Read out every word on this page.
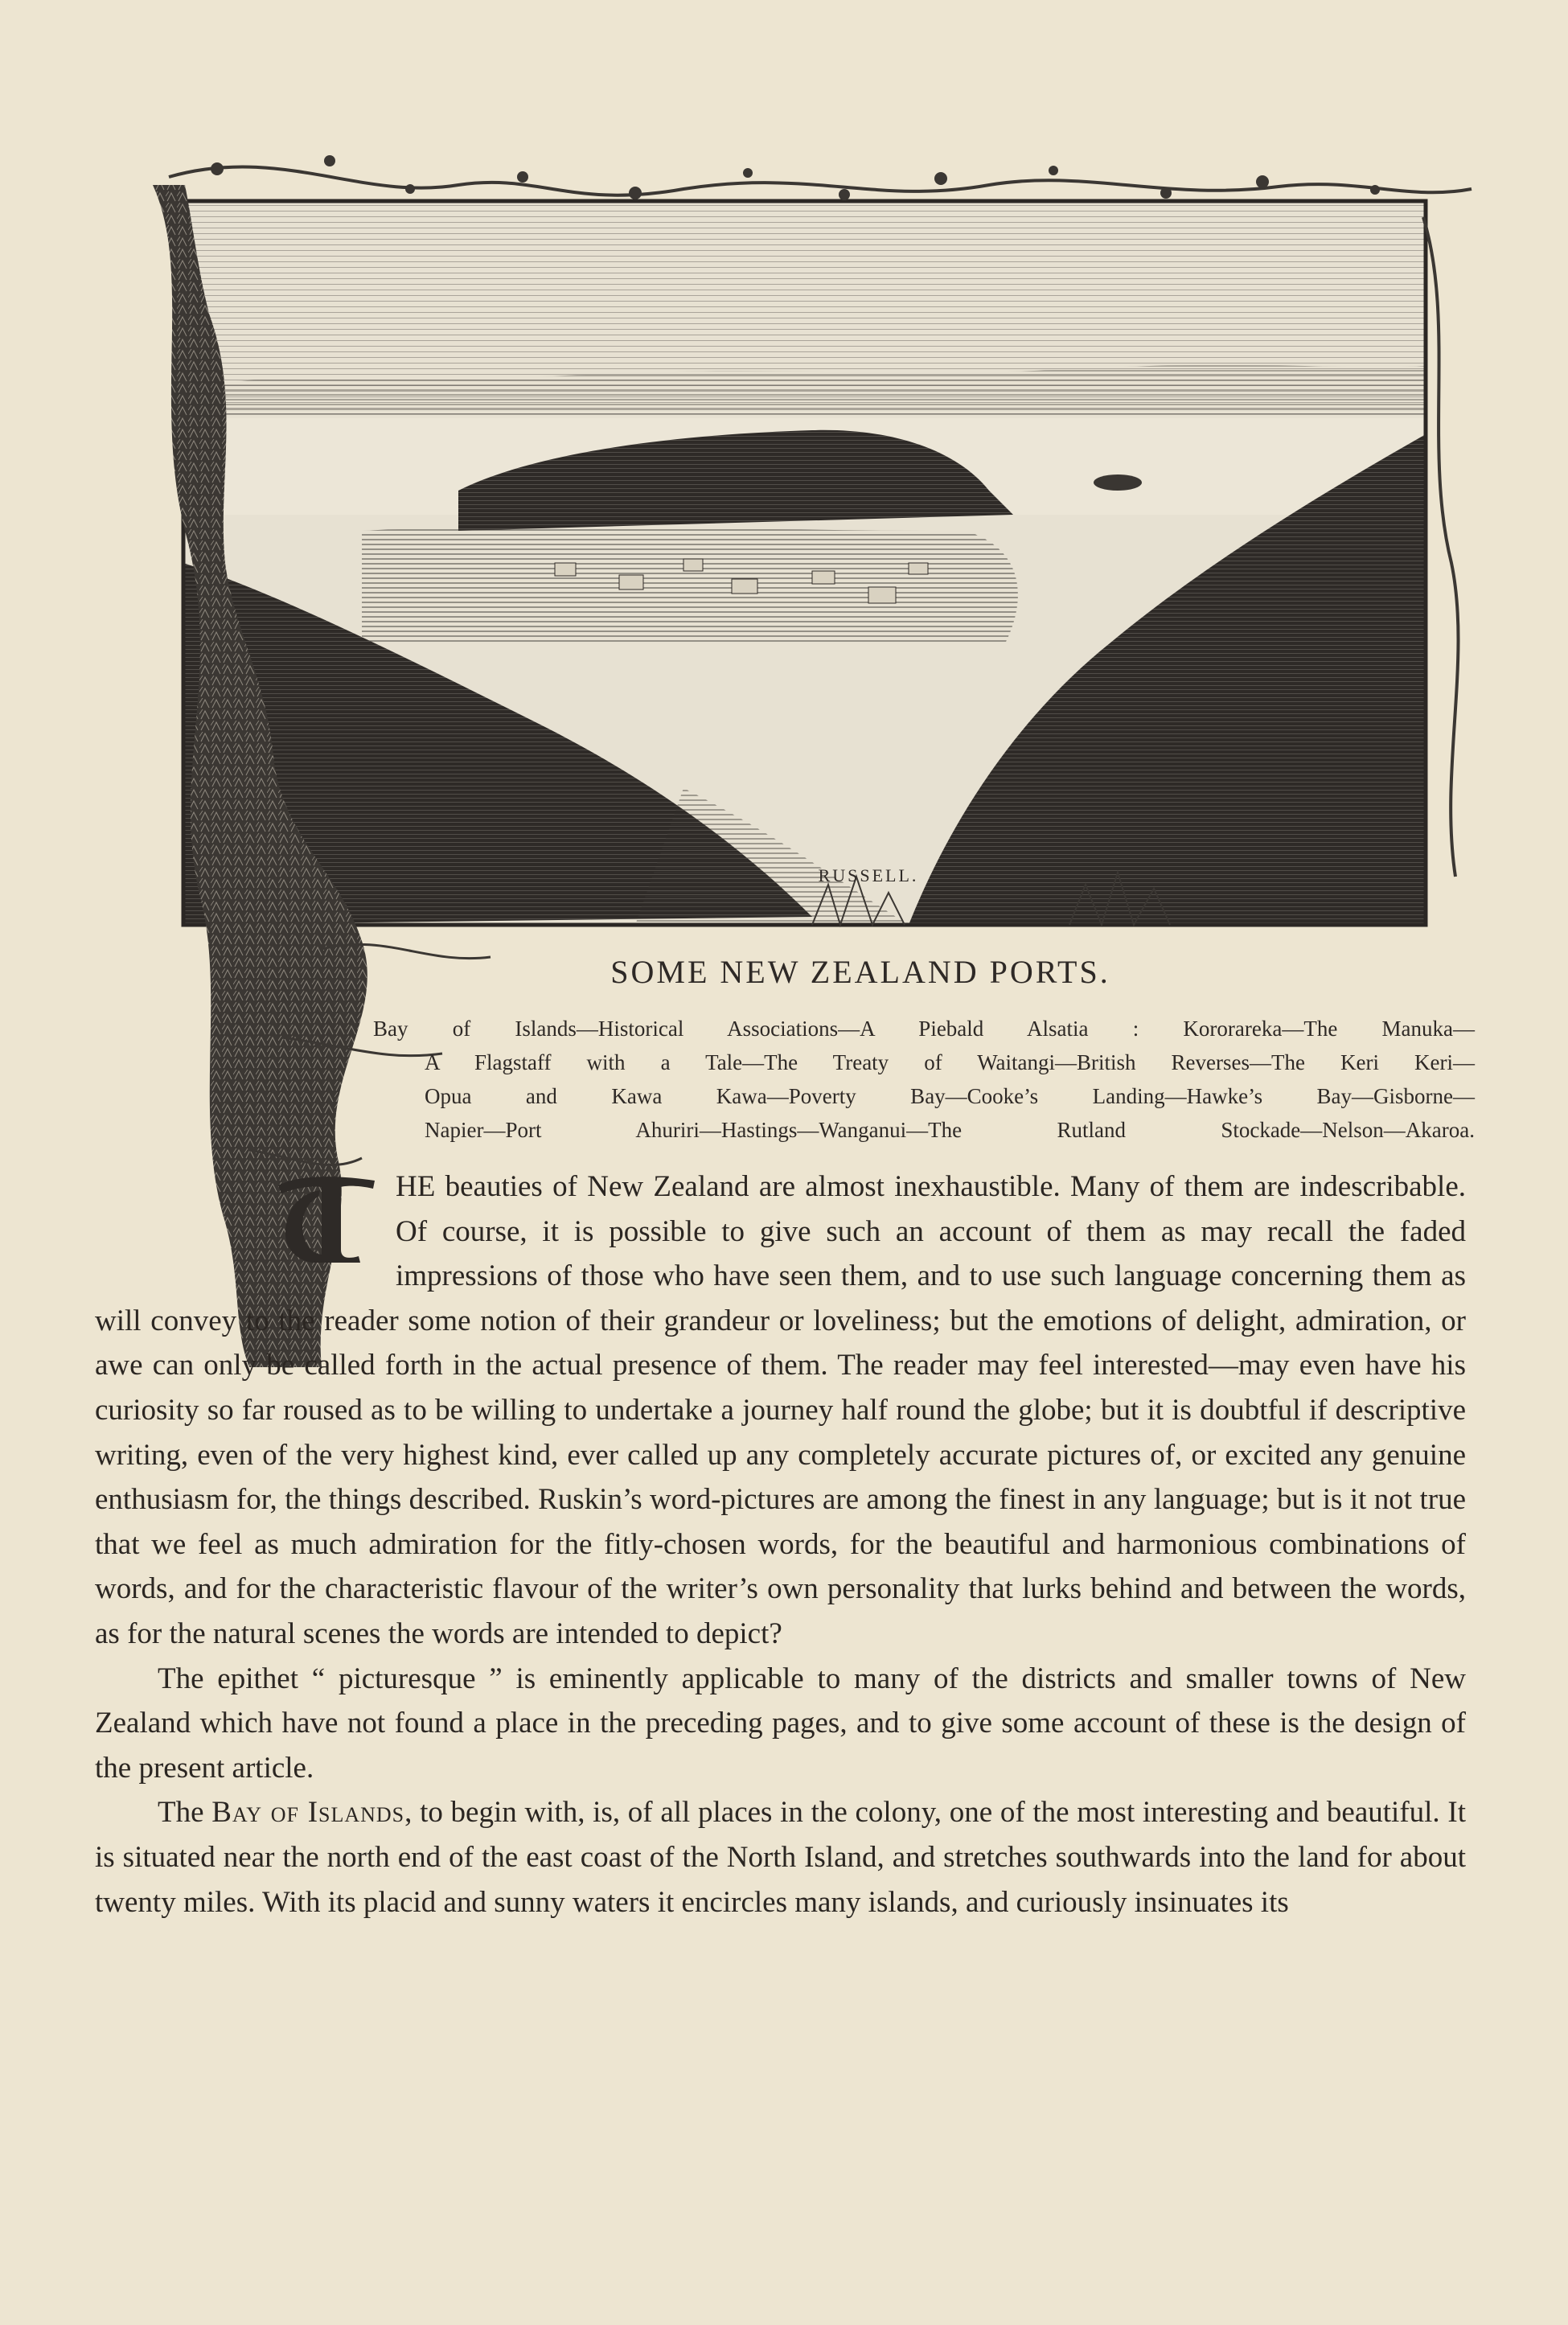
RUSSELL.
SOME NEW ZEALAND PORTS.
Bay of Islands—Historical Associations—A Piebald Alsatia : Kororareka—The Manuka—
A Flagstaff with a Tale—The Treaty of Waitangi—British Reverses—The Keri Keri—
Opua and Kawa Kawa—Poverty Bay—Cooke’s Landing—Hawke’s Bay—Gisborne—
Napier—Port Ahuriri—Hastings—Wanganui—The Rutland Stockade—Nelson—Akaroa.

HE beauties of New Zealand are almost inexhaustible. Many of them are indescribable. Of course, it is possible to give such an account of them as may recall the faded impressions of those who have seen them, and to use such language concerning them as will convey to the reader some notion of their grandeur or loveliness; but the emotions of delight, admiration, or awe can only be called forth in the actual presence of them. The reader may feel interested—may even have his curiosity so far roused as to be willing to undertake a journey half round the globe; but it is doubtful if descriptive writing, even of the very highest kind, ever called up any completely accurate pictures of, or excited any genuine enthusiasm for, the things described. Ruskin’s word-pictures are among the finest in any language; but is it not true that we feel as much admiration for the fitly-chosen words, for the beautiful and harmonious combinations of words, and for the characteristic flavour of the writer’s own personality that lurks behind and between the words, as for the natural scenes the words are intended to depict?

The epithet “ picturesque ” is eminently applicable to many of the districts and smaller towns of New Zealand which have not found a place in the preceding pages, and to give some account of these is the design of the present article.

The Bay of Islands, to begin with, is, of all places in the colony, one of the most interesting and beautiful. It is situated near the north end of the east coast of the North Island, and stretches southwards into the land for about twenty miles. With its placid and sunny waters it encircles many islands, and curiously insinuates its
